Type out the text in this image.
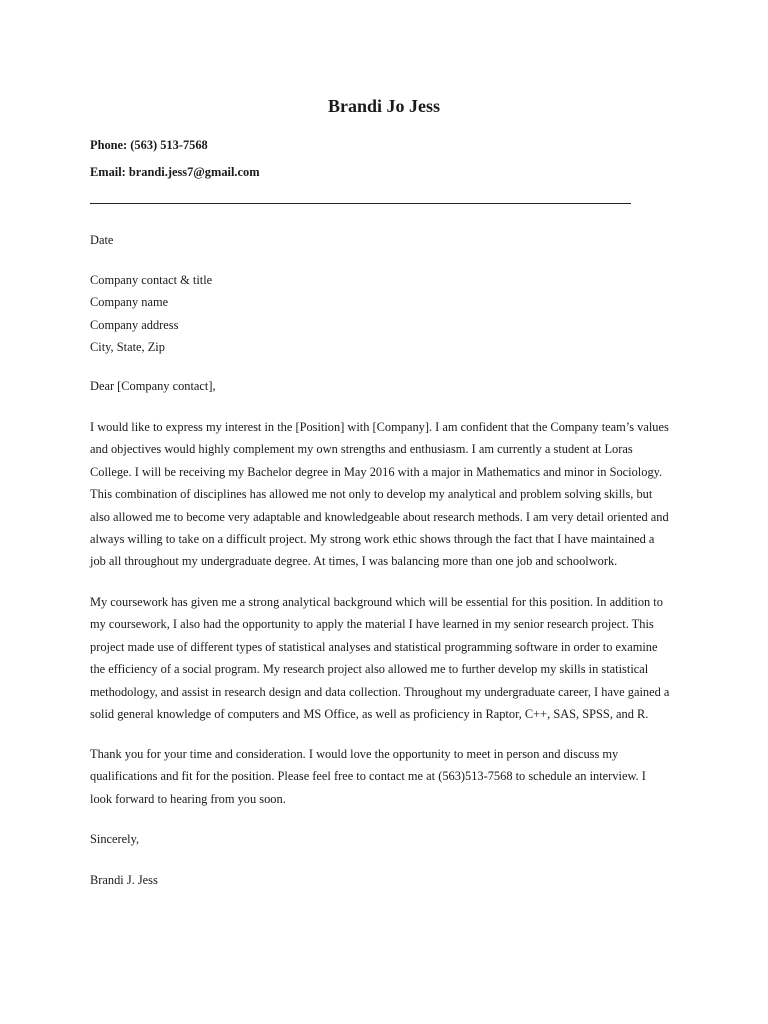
Brandi Jo Jess
Phone: (563) 513-7568
Email: brandi.jess7@gmail.com
Date
Company contact & title
Company name
Company address
City, State, Zip
Dear [Company contact],
I would like to express my interest in the [Position] with [Company]. I am confident that the Company team’s values
and objectives would highly complement my own strengths and enthusiasm. I am currently a student at Loras
College. I will be receiving my Bachelor degree in May 2016 with a major in Mathematics and minor in Sociology.
This combination of disciplines has allowed me not only to develop my analytical and problem solving skills, but
also allowed me to become very adaptable and knowledgeable about research methods. I am very detail oriented and
always willing to take on a difficult project. My strong work ethic shows through the fact that I have maintained a
job all throughout my undergraduate degree. At times, I was balancing more than one job and schoolwork.
My coursework has given me a strong analytical background which will be essential for this position. In addition to
my coursework, I also had the opportunity to apply the material I have learned in my senior research project. This
project made use of different types of statistical analyses and statistical programming software in order to examine
the efficiency of a social program. My research project also allowed me to further develop my skills in statistical
methodology, and assist in research design and data collection. Throughout my undergraduate career, I have gained a
solid general knowledge of computers and MS Office, as well as proficiency in Raptor, C++, SAS, SPSS, and R.
Thank you for your time and consideration. I would love the opportunity to meet in person and discuss my
qualifications and fit for the position. Please feel free to contact me at (563)513-7568 to schedule an interview. I
look forward to hearing from you soon.
Sincerely,
Brandi J. Jess
